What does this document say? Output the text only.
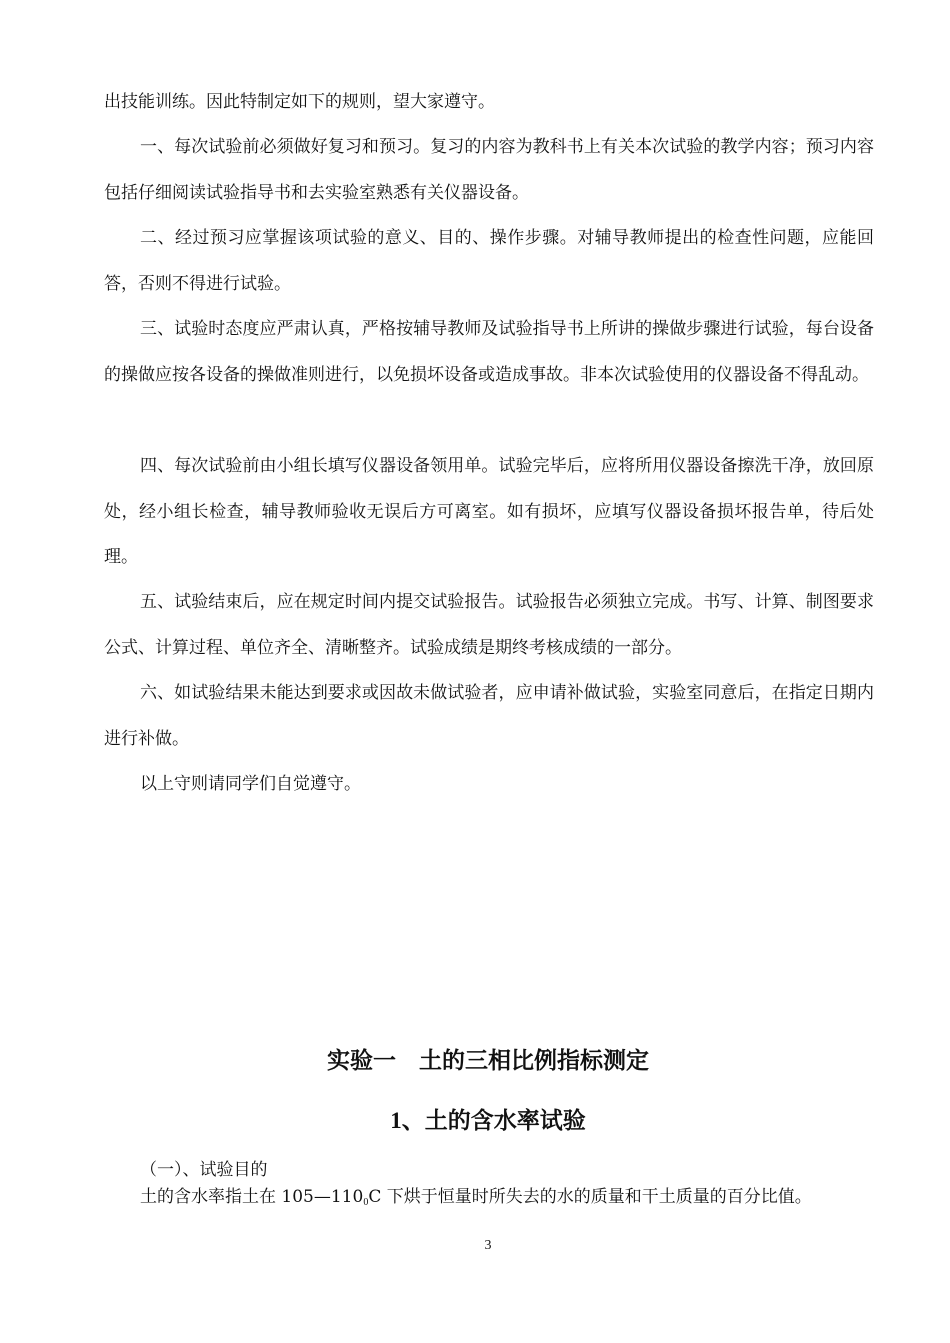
出技能训练。因此特制定如下的规则，望大家遵守。

一、每次试验前必须做好复习和预习。复习的内容为教科书上有关本次试验的教学内容；预习内容包括仔细阅读试验指导书和去实验室熟悉有关仪器设备。

二、经过预习应掌握该项试验的意义、目的、操作步骤。对辅导教师提出的检查性问题，应能回答，否则不得进行试验。

三、试验时态度应严肃认真，严格按辅导教师及试验指导书上所讲的操做步骤进行试验，每台设备的操做应按各设备的操做准则进行，以免损坏设备或造成事故。非本次试验使用的仪器设备不得乱动。

四、每次试验前由小组长填写仪器设备领用单。试验完毕后，应将所用仪器设备擦洗干净，放回原处，经小组长检查，辅导教师验收无误后方可离室。如有损坏，应填写仪器设备损坏报告单，待后处理。

五、试验结束后，应在规定时间内提交试验报告。试验报告必须独立完成。书写、计算、制图要求公式、计算过程、单位齐全、清晰整齐。试验成绩是期终考核成绩的一部分。

六、如试验结果未能达到要求或因故未做试验者，应申请补做试验，实验室同意后，在指定日期内进行补做。

以上守则请同学们自觉遵守。

实验一　土的三相比例指标测定
1、土的含水率试验

（一）、试验目的

土的含水率指土在 105—1100C 下烘于恒量时所失去的水的质量和干土质量的百分比值。

3
